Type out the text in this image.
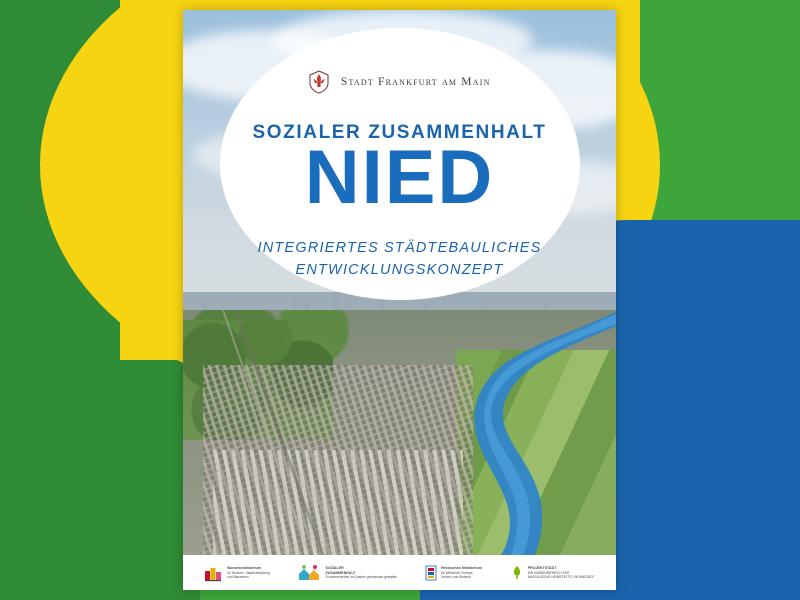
Stadt Frankfurt am Main
SOZIALER ZUSAMMENHALT
NIED
INTEGRIERTES STÄDTEBAULICHES
ENTWICKLUNGSKONZEPT
Bundesministerium
für Wohnen, Stadtentwicklung
und Bauwesen
SOZIALER
ZUSAMMENHALT
Zusammenleben im Quartier gemeinsam gestalten
Hessisches Ministerium
für Wirtschaft, Energie,
Verkehr und Wohnen
PROJEKTSTADT
EIN MARKENBEREICH DER
NASSAUISCHE HEIMSTÄTTE | WOHNSTADT
